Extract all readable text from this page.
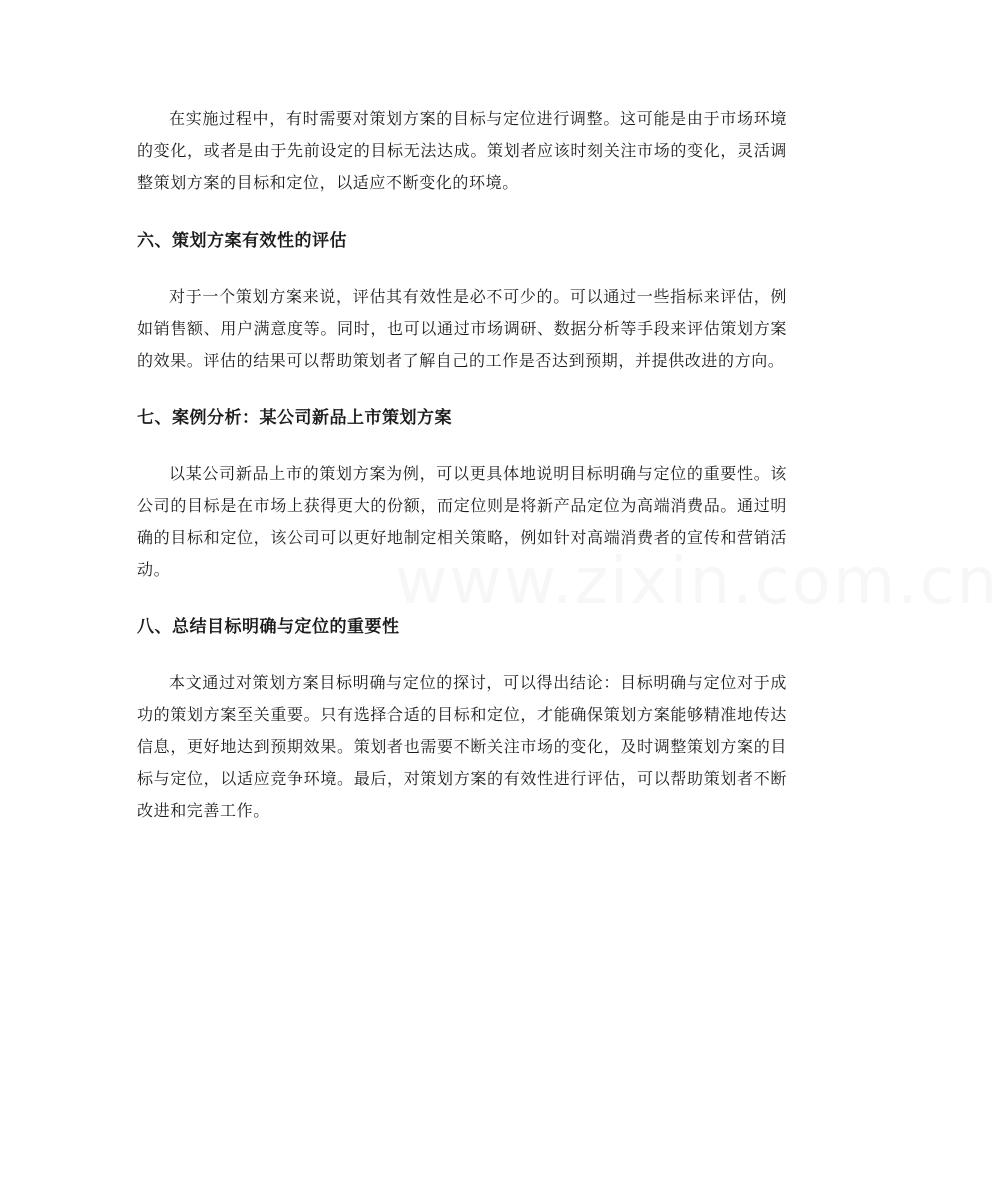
www.zixin.com.cn

在实施过程中，有时需要对策划方案的目标与定位进行调整。这可能是由于市场环境的变化，或者是由于先前设定的目标无法达成。策划者应该时刻关注市场的变化，灵活调整策划方案的目标和定位，以适应不断变化的环境。

六、策划方案有效性的评估

对于一个策划方案来说，评估其有效性是必不可少的。可以通过一些指标来评估，例如销售额、用户满意度等。同时，也可以通过市场调研、数据分析等手段来评估策划方案的效果。评估的结果可以帮助策划者了解自己的工作是否达到预期，并提供改进的方向。

七、案例分析：某公司新品上市策划方案

以某公司新品上市的策划方案为例，可以更具体地说明目标明确与定位的重要性。该公司的目标是在市场上获得更大的份额，而定位则是将新产品定位为高端消费品。通过明确的目标和定位，该公司可以更好地制定相关策略，例如针对高端消费者的宣传和营销活动。

八、总结目标明确与定位的重要性

本文通过对策划方案目标明确与定位的探讨，可以得出结论：目标明确与定位对于成功的策划方案至关重要。只有选择合适的目标和定位，才能确保策划方案能够精准地传达信息，更好地达到预期效果。策划者也需要不断关注市场的变化，及时调整策划方案的目标与定位，以适应竞争环境。最后，对策划方案的有效性进行评估，可以帮助策划者不断改进和完善工作。
